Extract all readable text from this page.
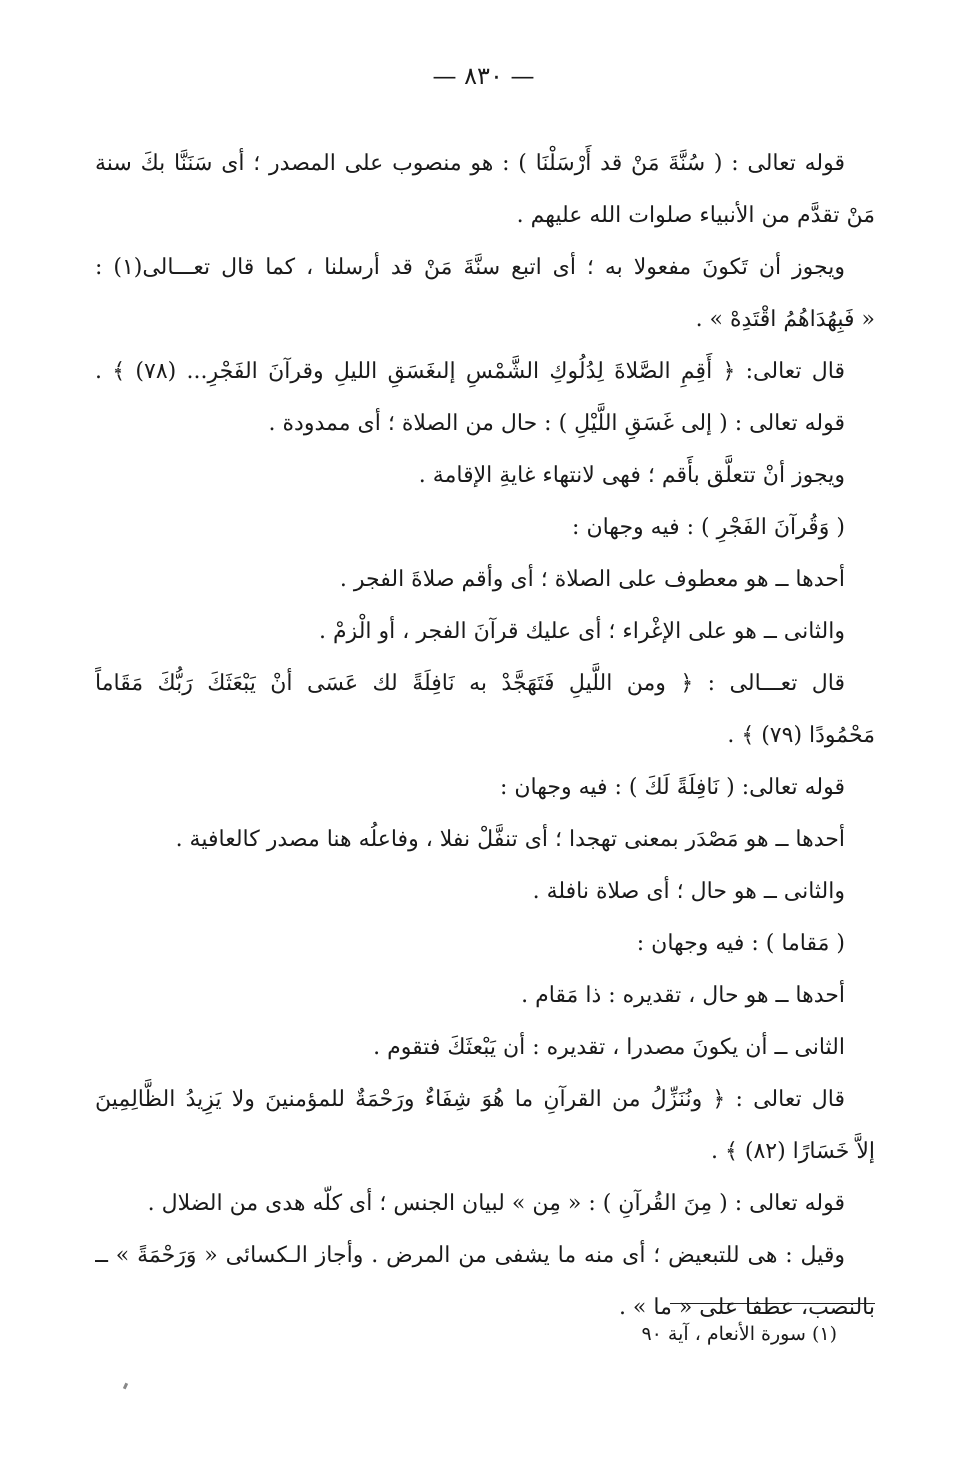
— ٨٣٠ —
قوله تعالى : ( سُنَّةَ مَنْ قد أَرْسَلْنَا ) : هو منصوب على المصدر ؛ أى سَنَنَّا بكَ سنة
مَنْ تقدَّم من الأنبياء صلوات الله عليهم .
ويجوز أن تَكونَ مفعولا به ؛ أى اتبع سنَّةَ مَنْ قد أرسلنا ، كما قال تعـــالى(١) :
« فَبِهُدَاهُمُ اقْتَدِهْ » .
قال تعالى: ﴿ أَقِمِ الصَّلاةَ لِدُلُوكِ الشَّمْسِ إلىغَسَقِ الليلِ وقرآنَ الفَجْرِ... (٧٨) ﴾ .
قوله تعالى : ( إلى غَسَقِ اللَّيْلِ ) : حال من الصلاة ؛ أى ممدودة .
ويجوز أنْ تتعلَّق بأَقم ؛ فهى لانتهاء غايةِ الإقامة .
( وَقُرآنَ الفَجْرِ ) : فيه وجهان :
أحدها ــ هو معطوف على الصلاة ؛ أى وأقم صلاةَ الفجر .
والثانى ــ هو على الإغْراء ؛ أى عليك قرآنَ الفجر ، أو الْزمْ .
قال تعـــالى : ﴿ ومن اللَّيلِ فَتَهَجَّدْ به نَافِلَةً لك عَسَى أنْ يَبْعَثَكَ رَبُّكَ مَقَاماً
مَحْمُودًا (٧٩) ﴾ .
قوله تعالى: ( نَافِلَةً لَكَ ) : فيه وجهان :
أحدها ــ هو مَصْدَر بمعنى تهجدا ؛ أى تنفَّلْ نفلا ، وفاعلُه هنا مصدر كالعافية .
والثانى ــ هو حال ؛ أى صلاة نافلة .
( مَقاما ) : فيه وجهان :
أحدها ــ هو حال ، تقديره : ذا مَقام .
الثانى ــ أن يكونَ مصدرا ، تقديره : أن يَبْعثَكَ فتقوم .
قال تعالى : ﴿ ونُنَزِّلُ من القرآنِ ما هُوَ شِفَاءٌ ورَحْمَةٌ للمؤمنينَ ولا يَزِيدُ الظَّالِمِينَ
إلاَّ خَسَارًا (٨٢) ﴾ .
قوله تعالى : ( مِنَ القُرآنِ ) : « مِن » لبيان الجنس ؛ أى كلّه هدى من الضلال .
وقيل : هى للتبعيض ؛ أى منه ما يشفى من المرض . وأجاز الـكسائى « وَرَحْمَةً » ــ
بالنصب، عطفا على « ما » .
(١) سورة الأنعام ، آية ٩٠
